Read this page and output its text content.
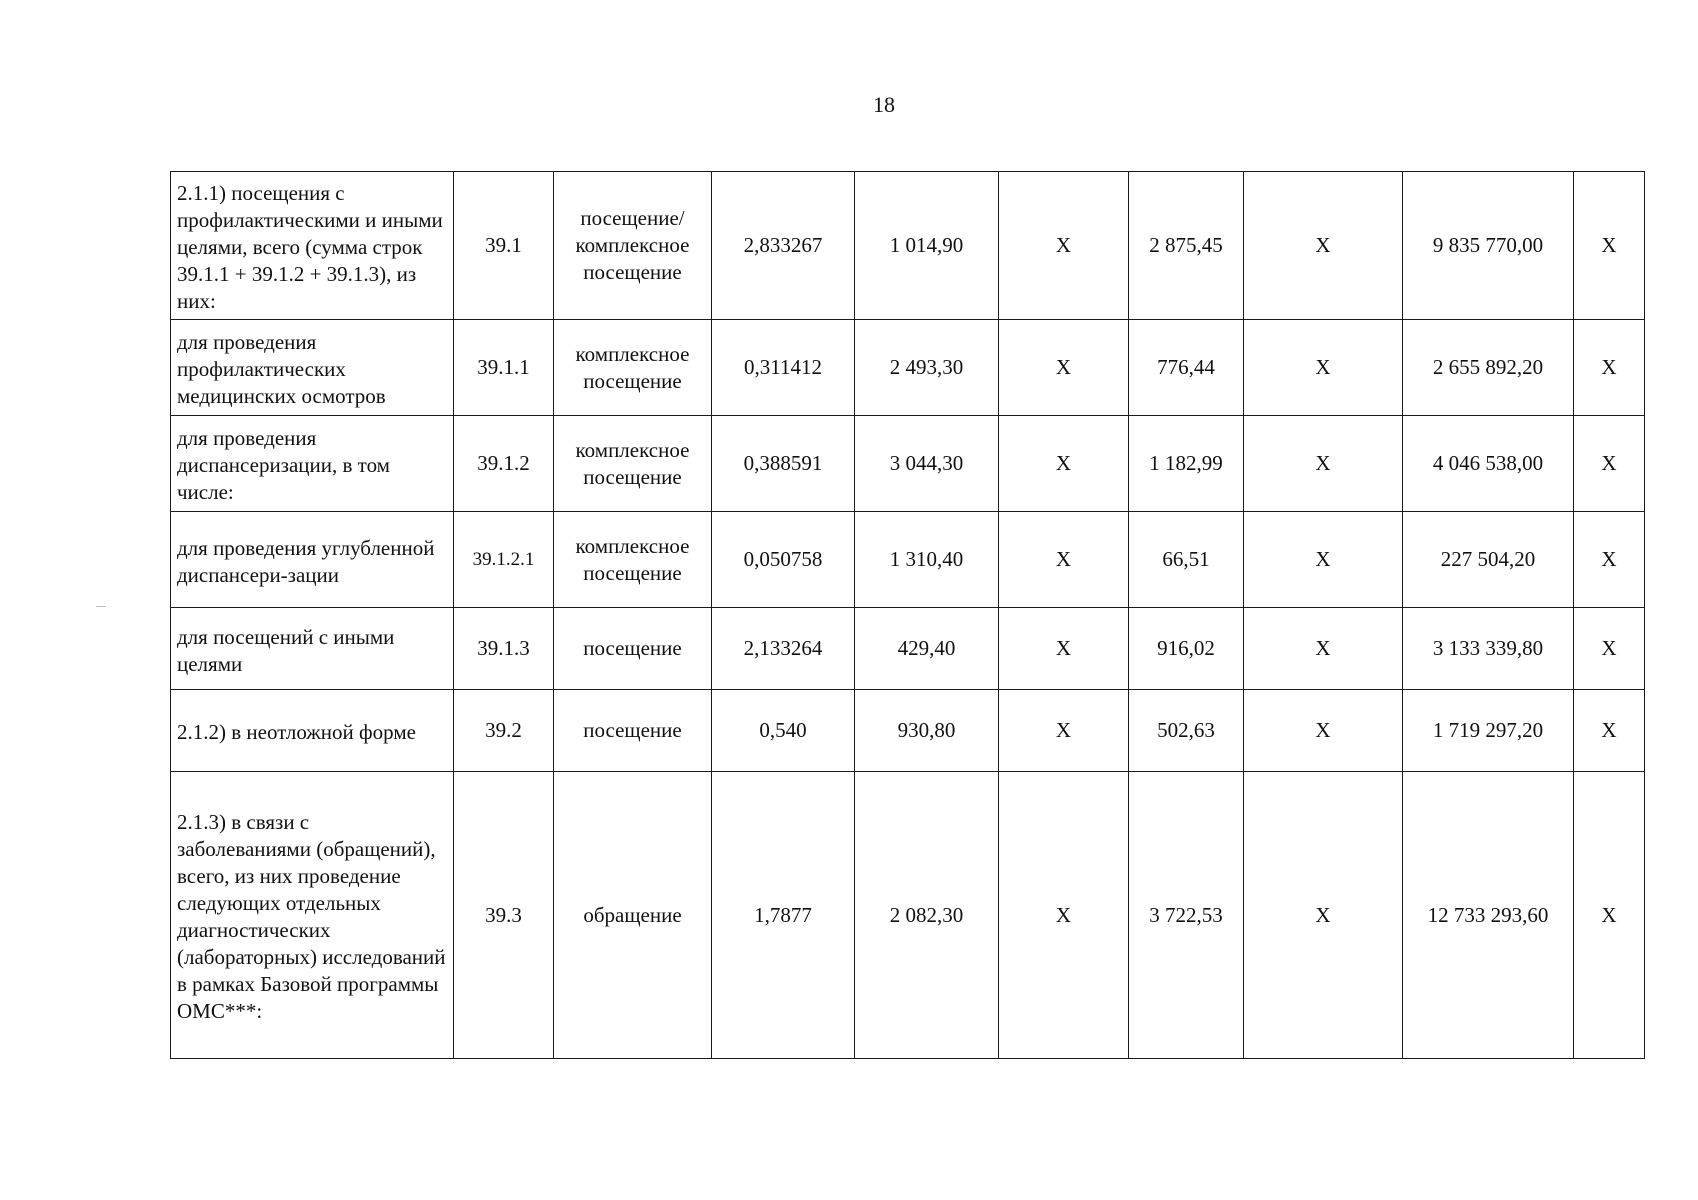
18
2.1.1) посещения с профилактическими и иными целями, всего (сумма строк 39.1.1 + 39.1.2 + 39.1.3), из них:	39.1	посещение/ комплексное посещение	2,833267	1 014,90	Х	2 875,45	Х	9 835 770,00	Х
для проведения профилактических медицинских осмотров	39.1.1	комплексное посещение	0,311412	2 493,30	Х	776,44	Х	2 655 892,20	Х
для проведения диспансеризации, в том числе:	39.1.2	комплексное посещение	0,388591	3 044,30	Х	1 182,99	Х	4 046 538,00	Х
для проведения углубленной диспансери-зации	39.1.2.1	комплексное посещение	0,050758	1 310,40	Х	66,51	Х	227 504,20	Х
для посещений с иными целями	39.1.3	посещение	2,133264	429,40	Х	916,02	Х	3 133 339,80	Х
2.1.2) в неотложной форме	39.2	посещение	0,540	930,80	Х	502,63	Х	1 719 297,20	Х
2.1.3) в связи с заболеваниями (обращений), всего, из них проведение следующих отдельных диагностических (лабораторных) исследований в рамках Базовой программы ОМС***:	39.3	обращение	1,7877	2 082,30	Х	3 722,53	Х	12 733 293,60	Х
